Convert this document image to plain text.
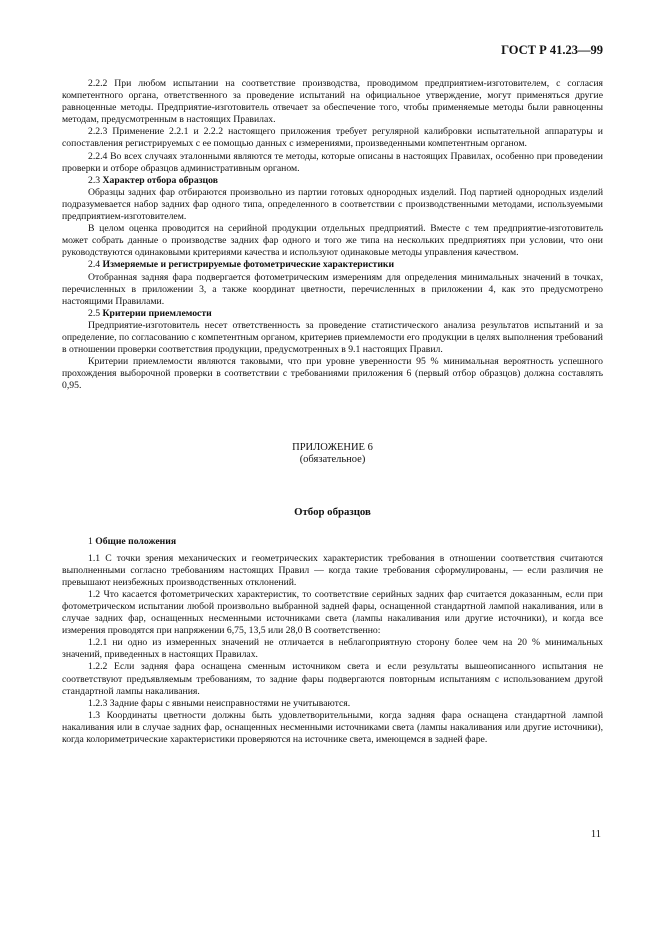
ГОСТ Р 41.23—99

2.2.2 При любом испытании на соответствие производства, проводимом предприятием-изготовителем, с согласия компетентного органа, ответственного за проведение испытаний на официальное утверждение, могут применяться другие равноценные методы. Предприятие-изготовитель отвечает за обеспечение того, чтобы применяемые методы были равноценны методам, предусмотренным в настоящих Правилах.

2.2.3 Применение 2.2.1 и 2.2.2 настоящего приложения требует регулярной калибровки испытательной аппаратуры и сопоставления регистрируемых с ее помощью данных с измерениями, произведенными компетентным органом.

2.2.4 Во всех случаях эталонными являются те методы, которые описаны в настоящих Правилах, особенно при проведении проверки и отборе образцов административным органом.

2.3 Характер отбора образцов

Образцы задних фар отбираются произвольно из партии готовых однородных изделий. Под партией однородных изделий подразумевается набор задних фар одного типа, определенного в соответствии с производственными методами, используемыми предприятием-изготовителем.

В целом оценка проводится на серийной продукции отдельных предприятий. Вместе с тем предприятие-изготовитель может собрать данные о производстве задних фар одного и того же типа на нескольких предприятиях при условии, что они руководствуются одинаковыми критериями качества и используют одинаковые методы управления качеством.

2.4 Измеряемые и регистрируемые фотометрические характеристики

Отобранная задняя фара подвергается фотометрическим измерениям для определения минимальных значений в точках, перечисленных в приложении 3, а также координат цветности, перечисленных в приложении 4, как это предусмотрено настоящими Правилами.

2.5 Критерии приемлемости

Предприятие-изготовитель несет ответственность за проведение статистического анализа результатов испытаний и за определение, по согласованию с компетентным органом, критериев приемлемости его продукции в целях выполнения требований в отношении проверки соответствия продукции, предусмотренных в 9.1 настоящих Правил.

Критерии приемлемости являются таковыми, что при уровне уверенности 95 % минимальная вероятность успешного прохождения выборочной проверки в соответствии с требованиями приложения 6 (первый отбор образцов) должна составлять 0,95.

ПРИЛОЖЕНИЕ 6
(обязательное)
Отбор образцов

1 Общие положения

1.1 С точки зрения механических и геометрических характеристик требования в отношении соответствия считаются выполненными согласно требованиям настоящих Правил — когда такие требования сформулированы, — если различия не превышают неизбежных производственных отклонений.

1.2 Что касается фотометрических характеристик, то соответствие серийных задних фар считается доказанным, если при фотометрическом испытании любой произвольно выбранной задней фары, оснащенной стандартной лампой накаливания, или в случае задних фар, оснащенных несменными источниками света (лампы накаливания или другие источники), и когда все измерения проводятся при напряжении 6,75, 13,5 или 28,0 В соответственно:

1.2.1 ни одно из измеренных значений не отличается в неблагоприятную сторону более чем на 20 % минимальных значений, приведенных в настоящих Правилах.

1.2.2 Если задняя фара оснащена сменным источником света и если результаты вышеописанного испытания не соответствуют предъявляемым требованиям, то задние фары подвергаются повторным испытаниям с использованием другой стандартной лампы накаливания.

1.2.3 Задние фары с явными неисправностями не учитываются.

1.3 Координаты цветности должны быть удовлетворительными, когда задняя фара оснащена стандартной лампой накаливания или в случае задних фар, оснащенных несменными источниками света (лампы накаливания или другие источники), когда колориметрические характеристики проверяются на источнике света, имеющемся в задней фаре.

11
